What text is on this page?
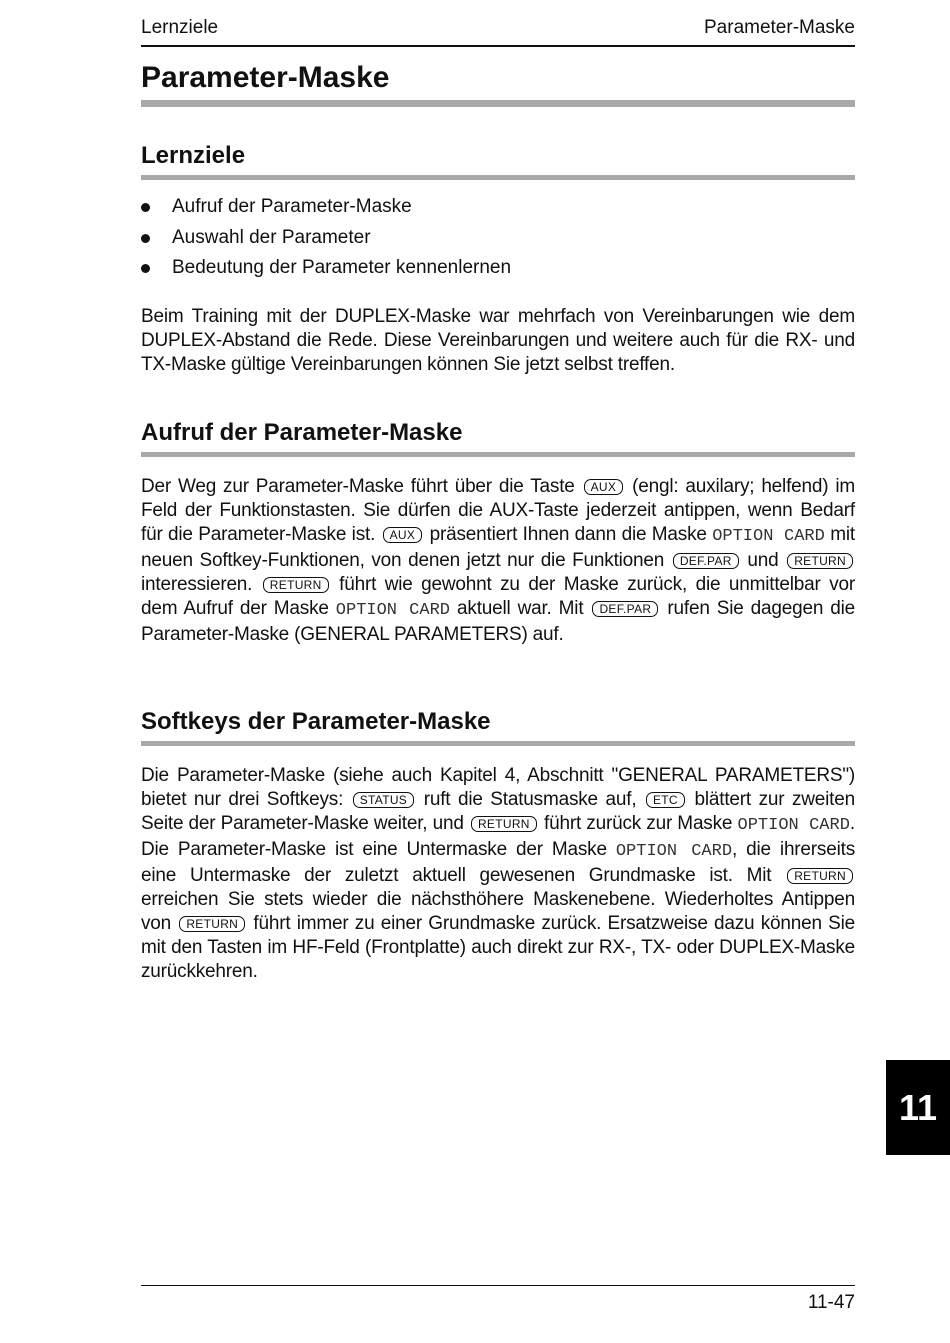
Lernziele	Parameter-Maske
Parameter-Maske
Lernziele
Aufruf der Parameter-Maske
Auswahl der Parameter
Bedeutung der Parameter kennenlernen

Beim Training mit der DUPLEX-Maske war mehrfach von Vereinbarungen wie dem DUPLEX-Abstand die Rede. Diese Vereinbarungen und weitere auch für die RX- und TX-Maske gültige Vereinbarungen können Sie jetzt selbst treffen.

Aufruf der Parameter-Maske

Der Weg zur Parameter-Maske führt über die Taste AUX (engl: auxilary; helfend) im Feld der Funktionstasten. Sie dürfen die AUX-Taste jederzeit antippen, wenn Bedarf für die Parameter-Maske ist. AUX präsentiert Ihnen dann die Maske OPTION CARD mit neuen Softkey-Funktionen, von denen jetzt nur die Funktionen DEF.PAR und RETURN interessieren. RETURN führt wie gewohnt zu der Maske zurück, die unmittelbar vor dem Aufruf der Maske OPTION CARD aktuell war. Mit DEF.PAR rufen Sie dagegen die Parameter-Maske (GENERAL PARAMETERS) auf.

Softkeys der Parameter-Maske

Die Parameter-Maske (siehe auch Kapitel 4, Abschnitt "GENERAL PARAMETERS") bietet nur drei Softkeys: STATUS ruft die Statusmaske auf, ETC blättert zur zweiten Seite der Parameter-Maske weiter, und RETURN führt zurück zur Maske OPTION CARD. Die Parameter-Maske ist eine Untermaske der Maske OPTION CARD, die ihrerseits eine Untermaske der zuletzt aktuell gewesenen Grundmaske ist. Mit RETURN erreichen Sie stets wieder die nächsthöhere Maskenebene. Wiederholtes Antippen von RETURN führt immer zu einer Grundmaske zurück. Ersatzweise dazu können Sie mit den Tasten im HF-Feld (Frontplatte) auch direkt zur RX-, TX- oder DUPLEX-Maske zurückkehren.

11
11-47
